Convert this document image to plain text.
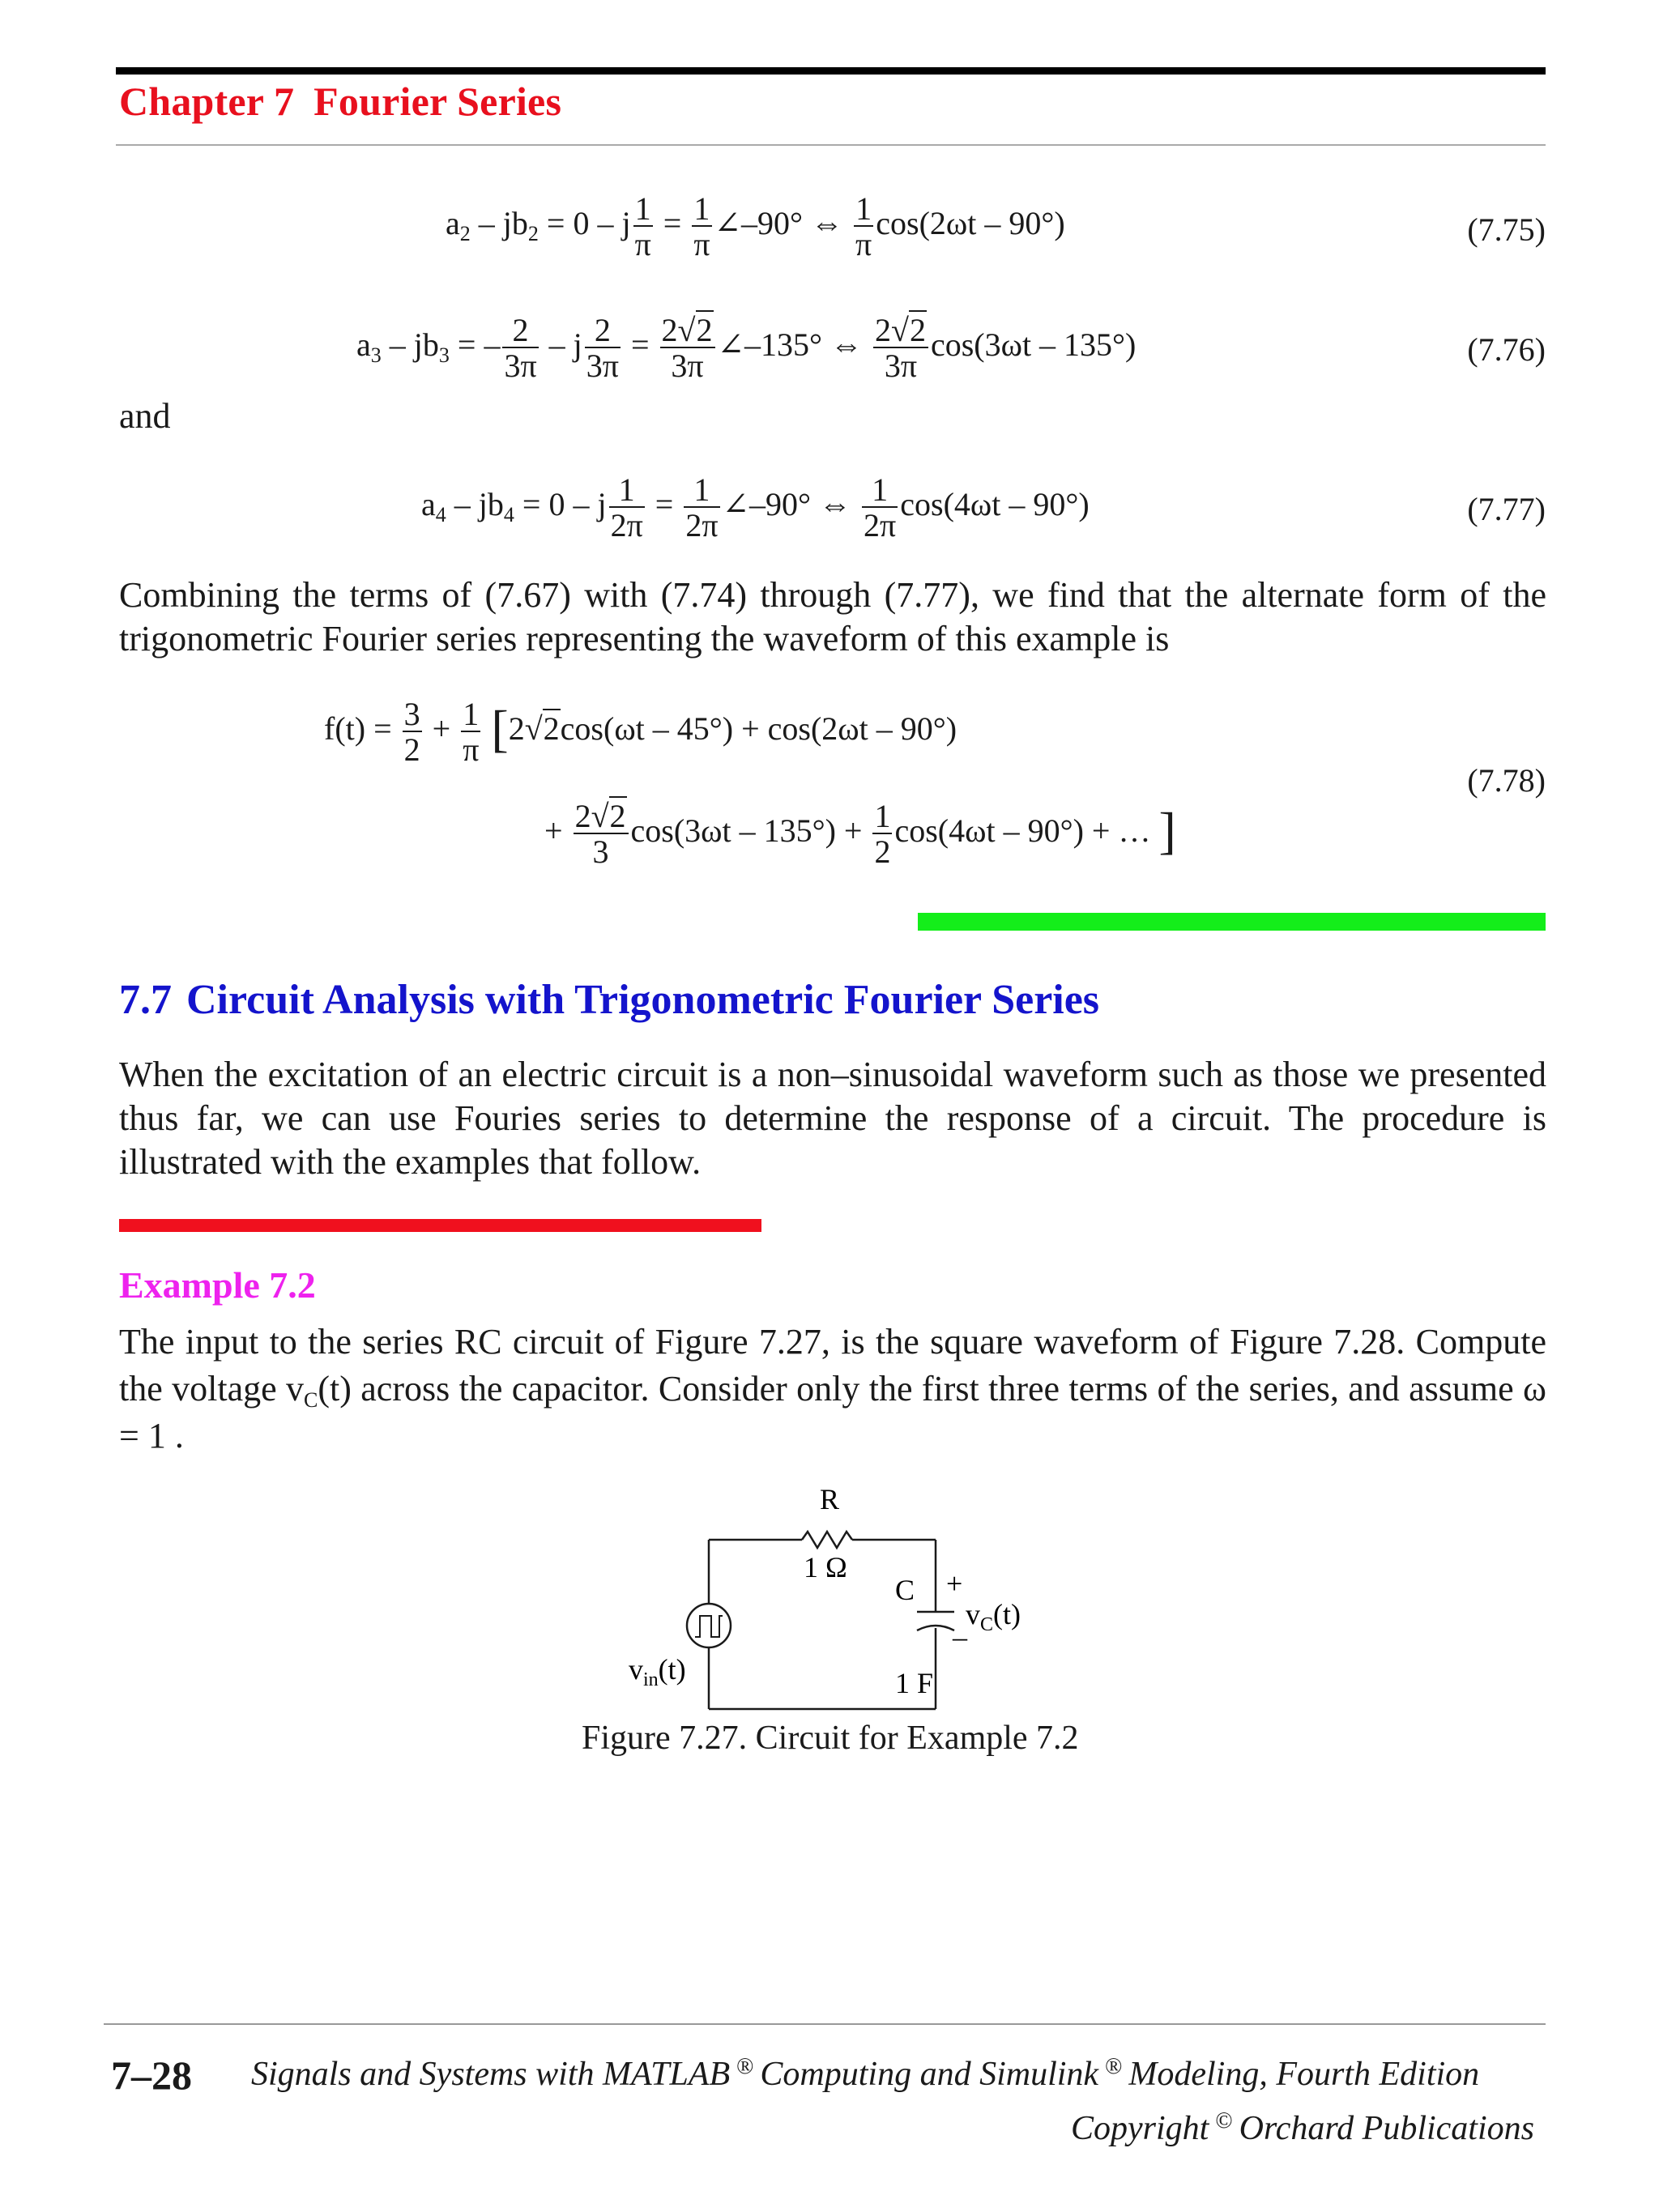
Chapter 7 Fourier Series
$a_2 - jb_2 = 0 - j \frac{1}{\pi} = \frac{1}{\pi}$ ∠–90° ⇔ $\frac{1}{\pi} \cos(2\omega t - 90^\circ)$	(7.75)
$a_3 - jb_3$ = – $\frac{2}{3\pi} - j \frac{2}{3\pi} = \frac{2√2}{3\pi}$ ∠–135° ⇔ $\frac{2√2}{3\pi} \cos(3\omega t - 135^\circ)$	(7.76)
and
$a_4 - jb_4 = 0 - j \frac{1}{2\pi} = \frac{1}{2\pi}$ ∠–90° ⇔ $\frac{1}{2\pi} \cos(4\omega t - 90^\circ)$	(7.77)
Combining the terms of (7.67) with (7.74) through (7.77), we find that the alternate form of the trigonometric Fourier series representing the waveform of this example is
$f(t) = \frac{3}{2} + \frac{1}{\pi} [2√2\cos(\omega t - 45^\circ) + \cos(2\omega t - 90^\circ)$
+ $\frac{2√2}{3} \cos(3\omega t - 135^\circ) + \frac{1}{2} \cos(4\omega t - 90^\circ)$ + … ]
(7.78)
7.7 Circuit Analysis with Trigonometric Fourier Series
When the excitation of an electric circuit is a non–sinusoidal waveform such as those we presented thus far, we can use Fouries series to determine the response of a circuit. The procedure is illustrated with the examples that follow.
Example 7.2
The input to the series RC circuit of Figure 7.27, is the square waveform of Figure 7.28. Compute the voltage $v_C(t)$ across the capacitor. Consider only the first three terms of the series, and assume ω = 1 .
R
1 Ω
C
1 F
+
–
$v_C(t)$
$v_{in}(t)$
Figure 7.27. Circuit for Example 7.2
7–28 Signals and Systems with MATLAB ® Computing and Simulink ® Modeling, Fourth Edition
Copyright © Orchard Publications
